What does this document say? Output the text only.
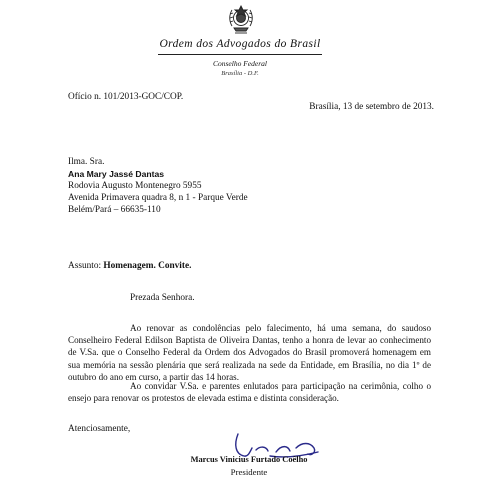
Ordem dos Advogados do Brasil
Conselho Federal
Brasília - D.F.
Ofício n. 101/2013-GOC/COP.
Brasília, 13 de setembro de 2013.
Ilma. Sra.
Ana Mary Jassé Dantas
Rodovia Augusto Montenegro 5955
Avenida Primavera quadra 8, n 1 - Parque Verde
Belém/Pará – 66635-110
Assunto: Homenagem. Convite.
Prezada Senhora.
Ao renovar as condolências pelo falecimento, há uma semana, do saudoso Conselheiro Federal Edilson Baptista de Oliveira Dantas, tenho a honra de levar ao conhecimento de V.Sa. que o Conselho Federal da Ordem dos Advogados do Brasil promoverá homenagem em sua memória na sessão plenária que será realizada na sede da Entidade, em Brasília, no dia 1º de outubro do ano em curso, a partir das 14 horas.
Ao convidar V.Sa. e parentes enlutados para participação na cerimônia, colho o ensejo para renovar os protestos de elevada estima e distinta consideração.
Atenciosamente,
Marcus Vinicius Furtado Coêlho
Presidente
